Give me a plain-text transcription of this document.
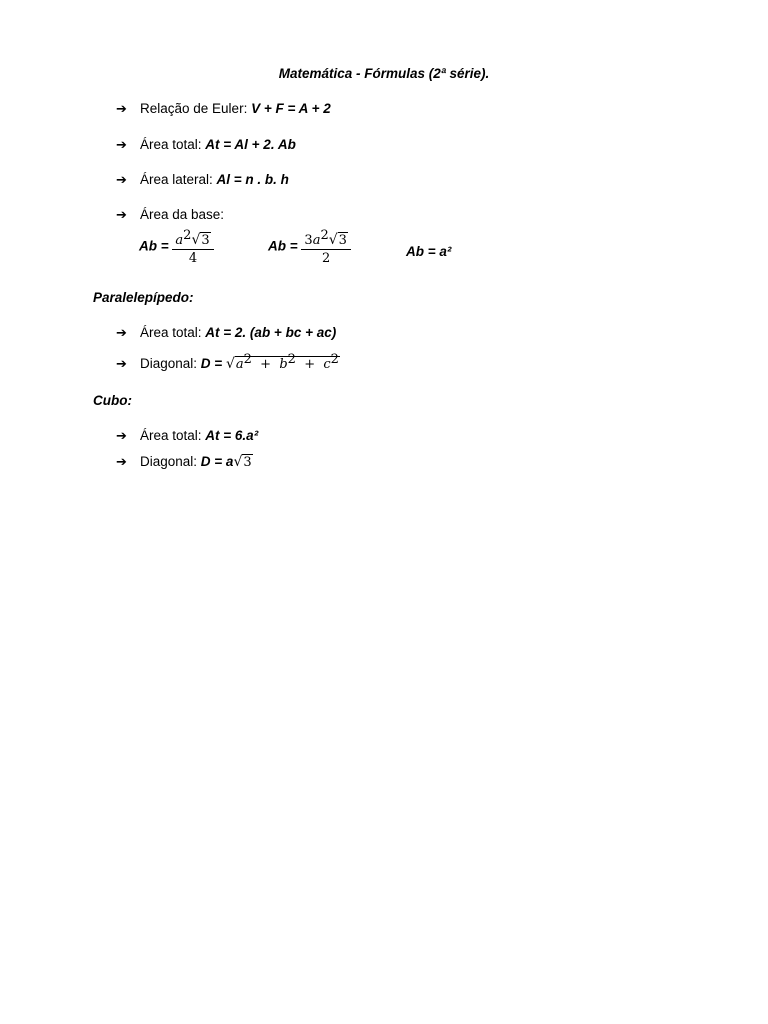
Matemática - Fórmulas (2ª série).
➔ Relação de Euler: V + F = A + 2
➔ Área total: At = Al + 2. Ab
➔ Área lateral: Al = n . b. h
➔ Área da base:
$Ab = \frac{a^2√3}{4}$	$Ab = \frac{3a^2√3}{2}$	Ab = a²
Paralelepípedo:
➔ Área total: At = 2. (ab + bc + ac)
➔ Diagonal: $D = √a^2 + b^2 + c^2$
Cubo:
➔ Área total: At = 6.a²
➔ Diagonal: D = a√3
